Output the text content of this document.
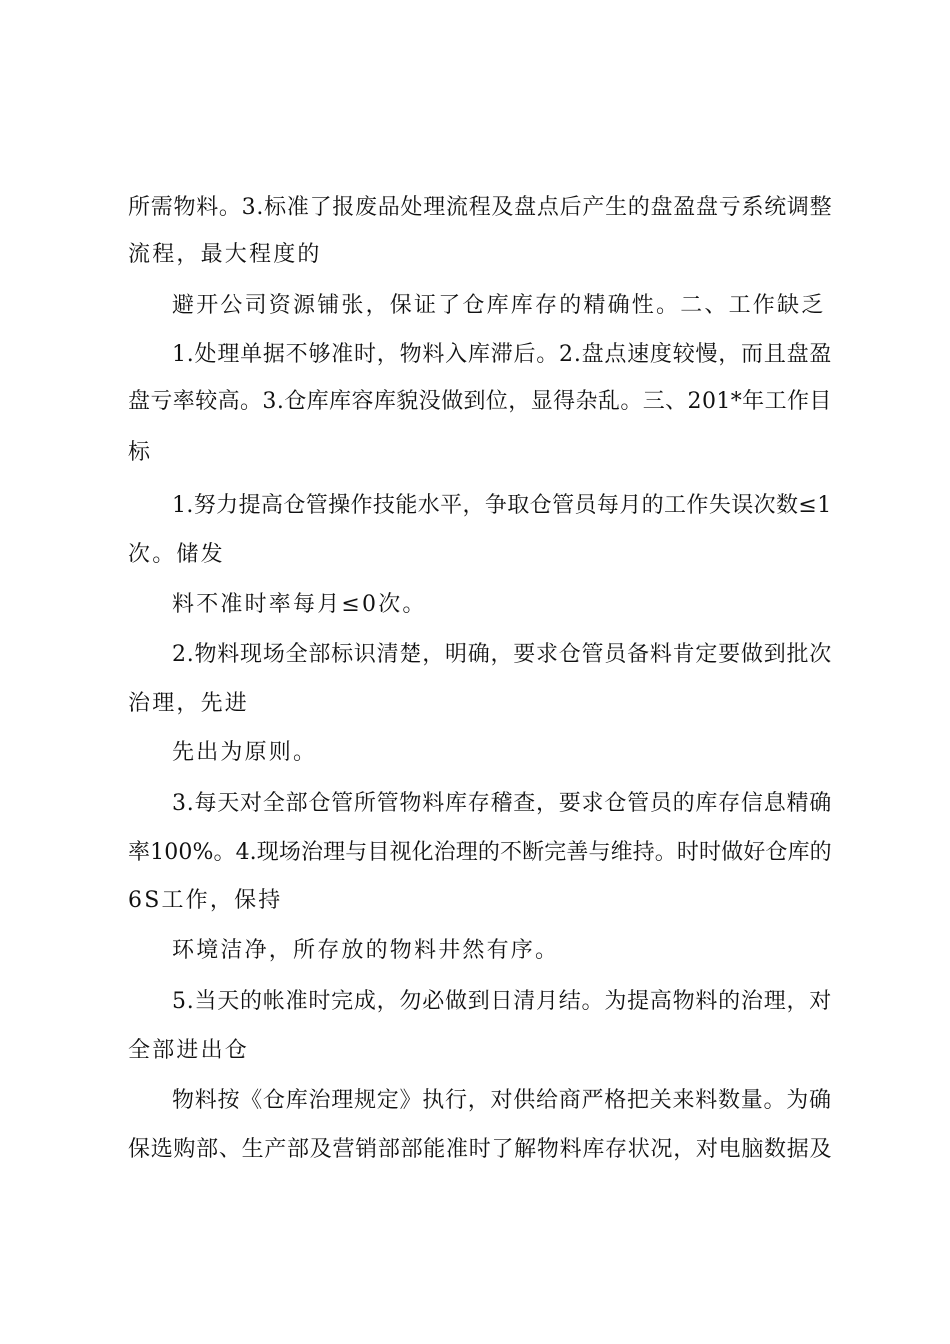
所需物料。3.标准了报废品处理流程及盘点后产生的盘盈盘亏系统调整

流程，最大程度的

避开公司资源铺张，保证了仓库库存的精确性。二、工作缺乏

1.处理单据不够准时，物料入库滞后。2.盘点速度较慢，而且盘盈

盘亏率较高。3.仓库库容库貌没做到位，显得杂乱。三、201*年工作目

标

1.努力提高仓管操作技能水平，争取仓管员每月的工作失误次数≤1

次。储发

料不准时率每月≤0次。

2.物料现场全部标识清楚，明确，要求仓管员备料肯定要做到批次

治理，先进

先出为原则。

3.每天对全部仓管所管物料库存稽查，要求仓管员的库存信息精确

率100%。4.现场治理与目视化治理的不断完善与维持。时时做好仓库的

6S工作，保持

环境洁净，所存放的物料井然有序。

5.当天的帐准时完成，勿必做到日清月结。为提高物料的治理，对

全部进出仓

物料按《仓库治理规定》执行，对供给商严格把关来料数量。为确

保选购部、生产部及营销部部能准时了解物料库存状况，对电脑数据及
